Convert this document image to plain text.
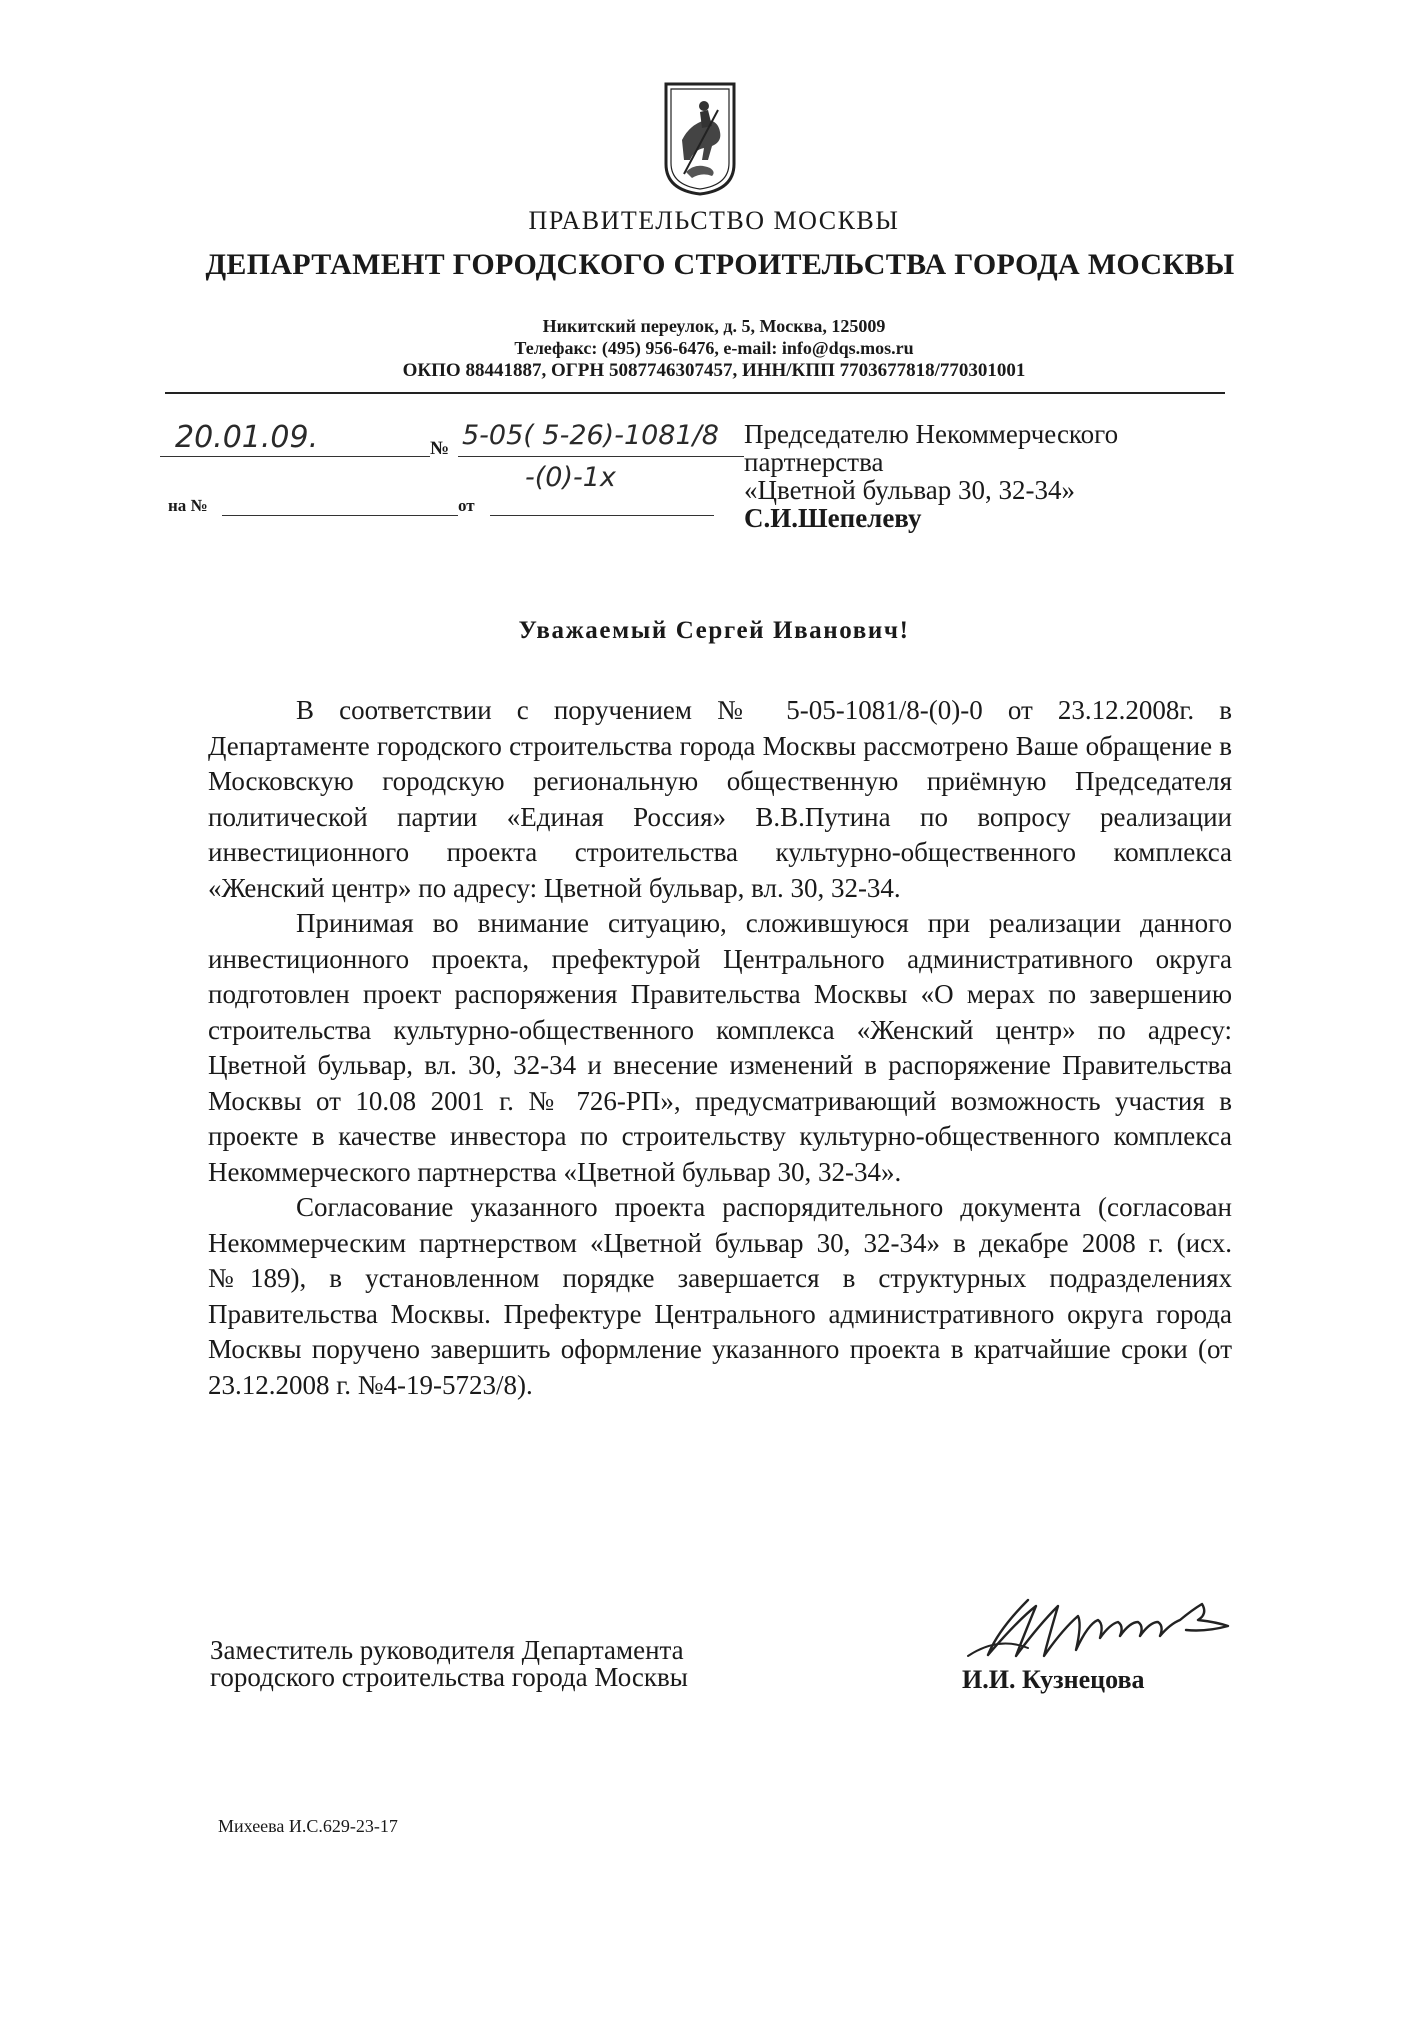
ПРАВИТЕЛЬСТВО МОСКВЫ
ДЕПАРТАМЕНТ ГОРОДСКОГО СТРОИТЕЛЬСТВА ГОРОДА МОСКВЫ
Никитский переулок, д. 5, Москва, 125009
Телефакс: (495) 956-6476, e-mail: info@dqs.mos.ru
ОКПО 88441887, ОГРН 5087746307457, ИНН/КПП 7703677818/770301001
20.01.09.	№ 5-05( 5-26)-1081/8
-(0)-1х
на №	от
Председателю Некоммерческого
партнерства
«Цветной бульвар 30, 32-34»
С.И.Шепелеву
Уважаемый Сергей Иванович!

В соответствии с поручением № 5-05-1081/8-(0)-0 от 23.12.2008г. в Департаменте городского строительства города Москвы рассмотрено Ваше обращение в Московскую городскую региональную общественную приёмную Председателя политической партии «Единая Россия» В.В.Путина по вопросу реализации инвестиционного проекта строительства культурно-общественного комплекса «Женский центр» по адресу: Цветной бульвар, вл. 30, 32-34.

Принимая во внимание ситуацию, сложившуюся при реализации данного инвестиционного проекта, префектурой Центрального административного округа подготовлен проект распоряжения Правительства Москвы «О мерах по завершению строительства культурно-общественного комплекса «Женский центр» по адресу: Цветной бульвар, вл. 30, 32-34 и внесение изменений в распоряжение Правительства Москвы от 10.08 2001 г. № 726-РП», предусматривающий возможность участия в проекте в качестве инвестора по строительству культурно-общественного комплекса Некоммерческого партнерства «Цветной бульвар 30, 32-34».

Согласование указанного проекта распорядительного документа (согласован Некоммерческим партнерством «Цветной бульвар 30, 32-34» в декабре 2008 г. (исх. №189), в установленном порядке завершается в структурных подразделениях Правительства Москвы. Префектуре Центрального административного округа города Москвы поручено завершить оформление указанного проекта в кратчайшие сроки (от 23.12.2008 г. №4-19-5723/8).

Заместитель руководителя Департамента
городского строительства города Москвы	И.И. Кузнецова
Михеева И.С.629-23-17
